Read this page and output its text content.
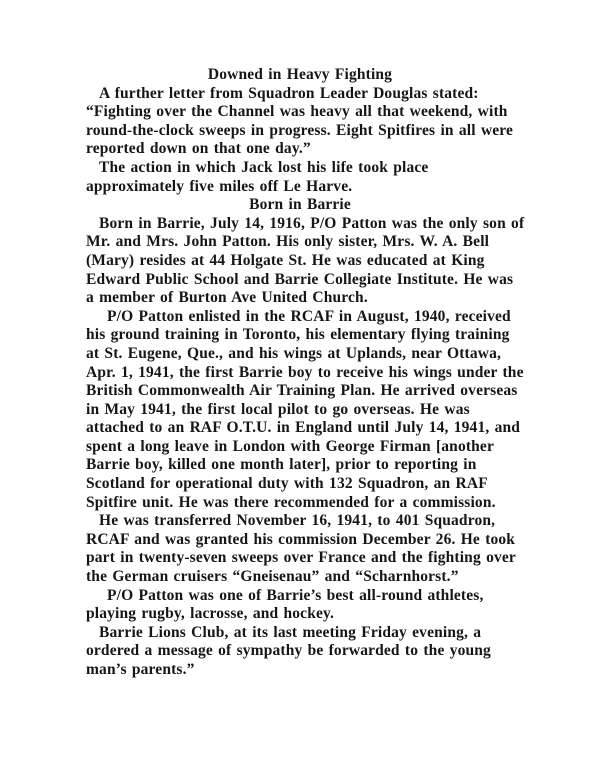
Downed in Heavy Fighting
A further letter from Squadron Leader Douglas stated:
“Fighting over the Channel was heavy all that weekend, with
round-the-clock sweeps in progress. Eight Spitfires in all were
reported down on that one day.”
The action in which Jack lost his life took place
approximately five miles off Le Harve.
Born in Barrie
Born in Barrie, July 14, 1916, P/O Patton was the only son of
Mr. and Mrs. John Patton. His only sister, Mrs. W. A. Bell
(Mary) resides at 44 Holgate St. He was educated at King
Edward Public School and Barrie Collegiate Institute. He was
a member of Burton Ave United Church.
P/O Patton enlisted in the RCAF in August, 1940, received
his ground training in Toronto, his elementary flying training
at St. Eugene, Que., and his wings at Uplands, near Ottawa,
Apr. 1, 1941, the first Barrie boy to receive his wings under the
British Commonwealth Air Training Plan. He arrived overseas
in May 1941, the first local pilot to go overseas. He was
attached to an RAF O.T.U. in England until July 14, 1941, and
spent a long leave in London with George Firman [another
Barrie boy, killed one month later], prior to reporting in
Scotland for operational duty with 132 Squadron, an RAF
Spitfire unit. He was there recommended for a commission.
He was transferred November 16, 1941, to 401 Squadron,
RCAF and was granted his commission December 26. He took
part in twenty-seven sweeps over France and the fighting over
the German cruisers “Gneisenau” and “Scharnhorst.”
P/O Patton was one of Barrie’s best all-round athletes,
playing rugby, lacrosse, and hockey.
Barrie Lions Club, at its last meeting Friday evening, a
ordered a message of sympathy be forwarded to the young
man’s parents.”
